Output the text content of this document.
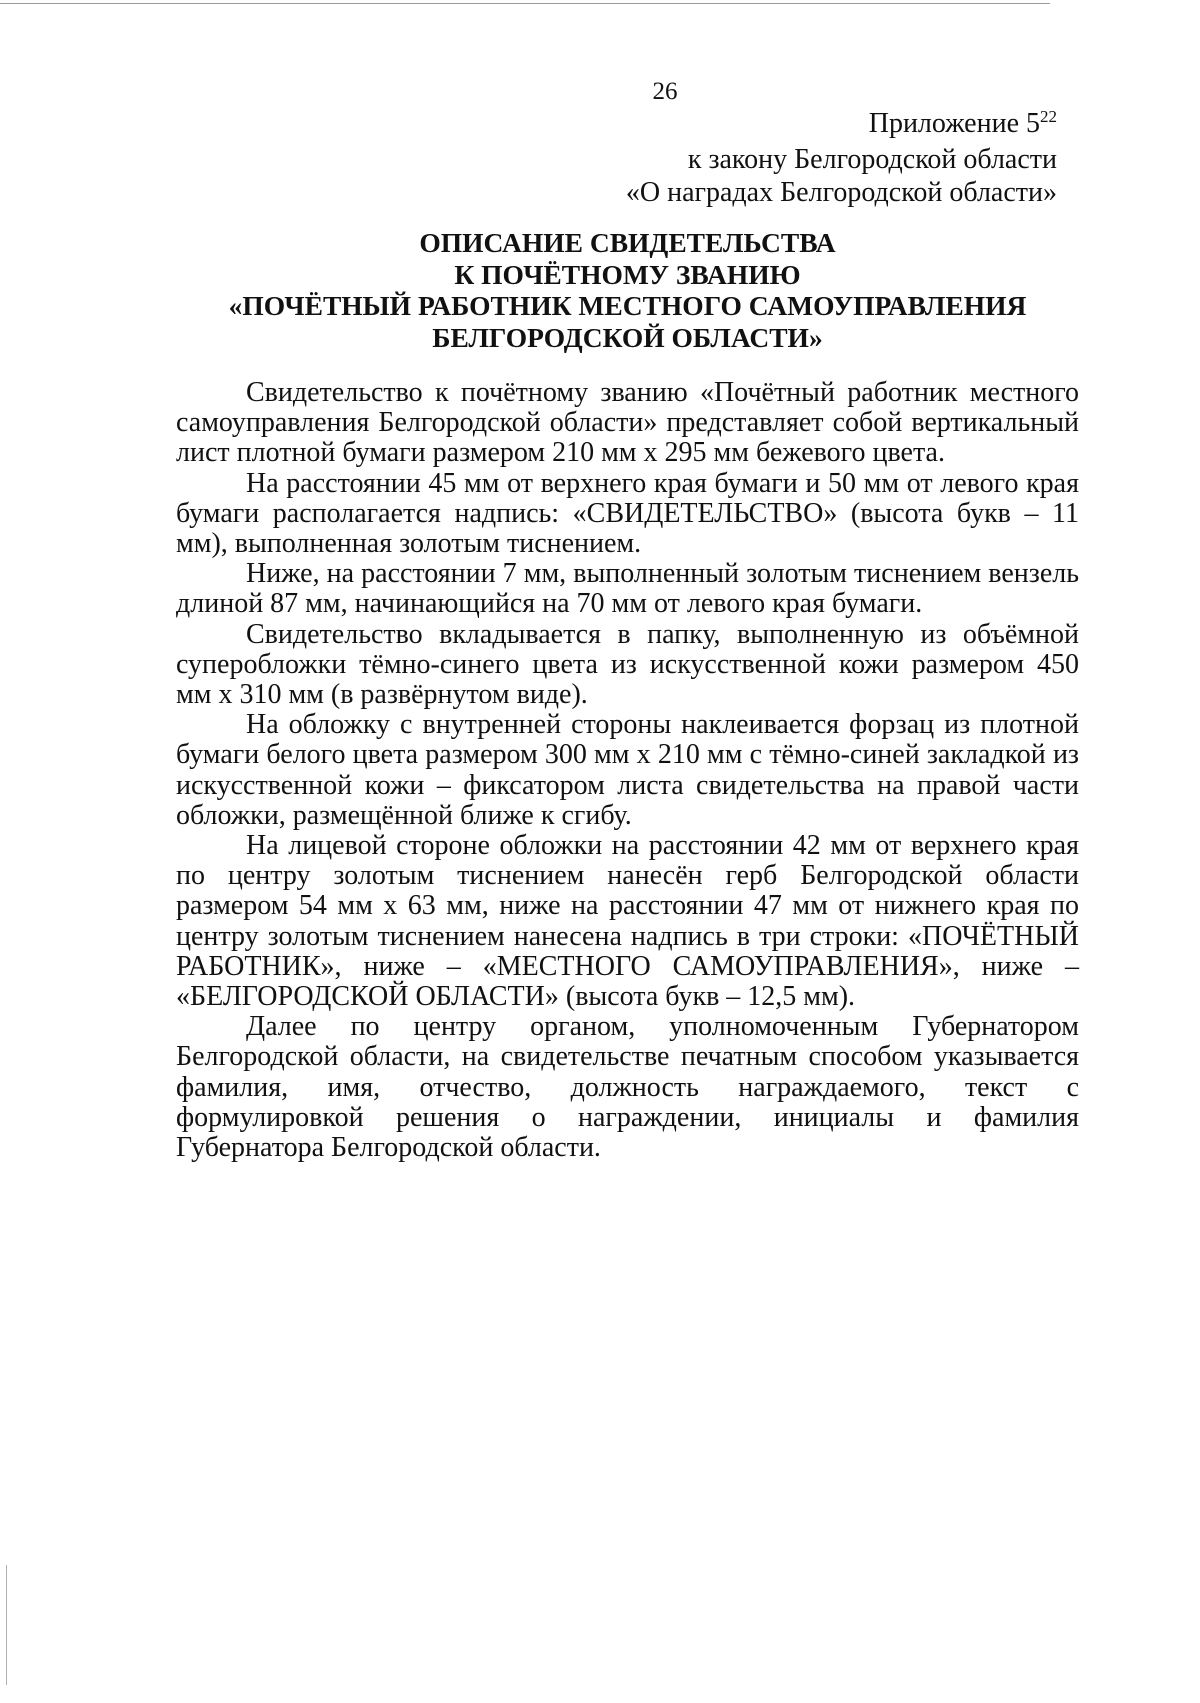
26
Приложение $5^{22}$
к закону Белгородской области
«О наградах Белгородской области»
ОПИСАНИЕ СВИДЕТЕЛЬСТВА
К ПОЧЁТНОМУ ЗВАНИЮ
«ПОЧЁТНЫЙ РАБОТНИК МЕСТНОГО САМОУПРАВЛЕНИЯ
БЕЛГОРОДСКОЙ ОБЛАСТИ»

Свидетельство к почётному званию «Почётный работник местного самоуправления Белгородской области» представляет собой вертикальный лист плотной бумаги размером 210 мм х 295 мм бежевого цвета.

На расстоянии 45 мм от верхнего края бумаги и 50 мм от левого края бумаги располагается надпись: «СВИДЕТЕЛЬСТВО» (высота букв – 11 мм), выполненная золотым тиснением.

Ниже, на расстоянии 7 мм, выполненный золотым тиснением вензель длиной 87 мм, начинающийся на 70 мм от левого края бумаги.

Свидетельство вкладывается в папку, выполненную из объёмной суперобложки тёмно-синего цвета из искусственной кожи размером 450 мм х 310 мм (в развёрнутом виде).

На обложку с внутренней стороны наклеивается форзац из плотной бумаги белого цвета размером 300 мм х 210 мм с тёмно-синей закладкой из искусственной кожи – фиксатором листа свидетельства на правой части обложки, размещённой ближе к сгибу.

На лицевой стороне обложки на расстоянии 42 мм от верхнего края по центру золотым тиснением нанесён герб Белгородской области размером 54 мм х 63 мм, ниже на расстоянии 47 мм от нижнего края по центру золотым тиснением нанесена надпись в три строки: «ПОЧЁТНЫЙ РАБОТНИК», ниже – «МЕСТНОГО САМОУПРАВЛЕНИЯ», ниже – «БЕЛГОРОДСКОЙ ОБЛАСТИ» (высота букв – 12,5 мм).

Далее по центру органом, уполномоченным Губернатором Белгородской области, на свидетельстве печатным способом указывается фамилия, имя, отчество, должность награждаемого, текст с формулировкой решения о награждении, инициалы и фамилия Губернатора Белгородской области.
